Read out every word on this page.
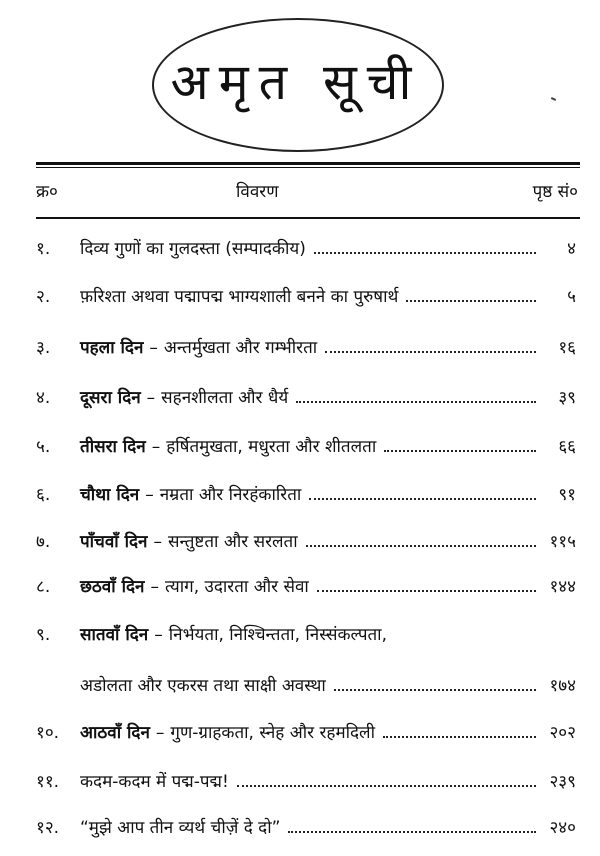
अमृत सूची
क्र०	विवरण	पृष्ठ सं०
१.	दिव्य गुणों का गुलदस्ता (सम्पादकीय)	४
२.	फ़रिश्ता अथवा पद्मापद्म भाग्यशाली बनने का पुरुषार्थ	५
३.	पहला दिन – अन्तर्मुखता और गम्भीरता	१६
४.	दूसरा दिन – सहनशीलता और धैर्य	३९
५.	तीसरा दिन – हर्षितमुखता, मधुरता और शीतलता	६६
६.	चौथा दिन – नम्रता और निरहंकारिता	९१
७.	पाँचवाँ दिन – सन्तुष्टता और सरलता	११५
८.	छठवाँ दिन – त्याग, उदारता और सेवा	१४४
९.	सातवाँ दिन – निर्भयता, निश्चिन्तता, निस्संकल्पता,
अडोलता और एकरस तथा साक्षी अवस्था	१७४
१०.	आठवाँ दिन – गुण-ग्राहकता, स्नेह और रहमदिली	२०२
११.	कदम-कदम में पद्म-पद्म!	२३९
१२.	“मुझे आप तीन व्यर्थ चीज़ें दे दो”	२४०
